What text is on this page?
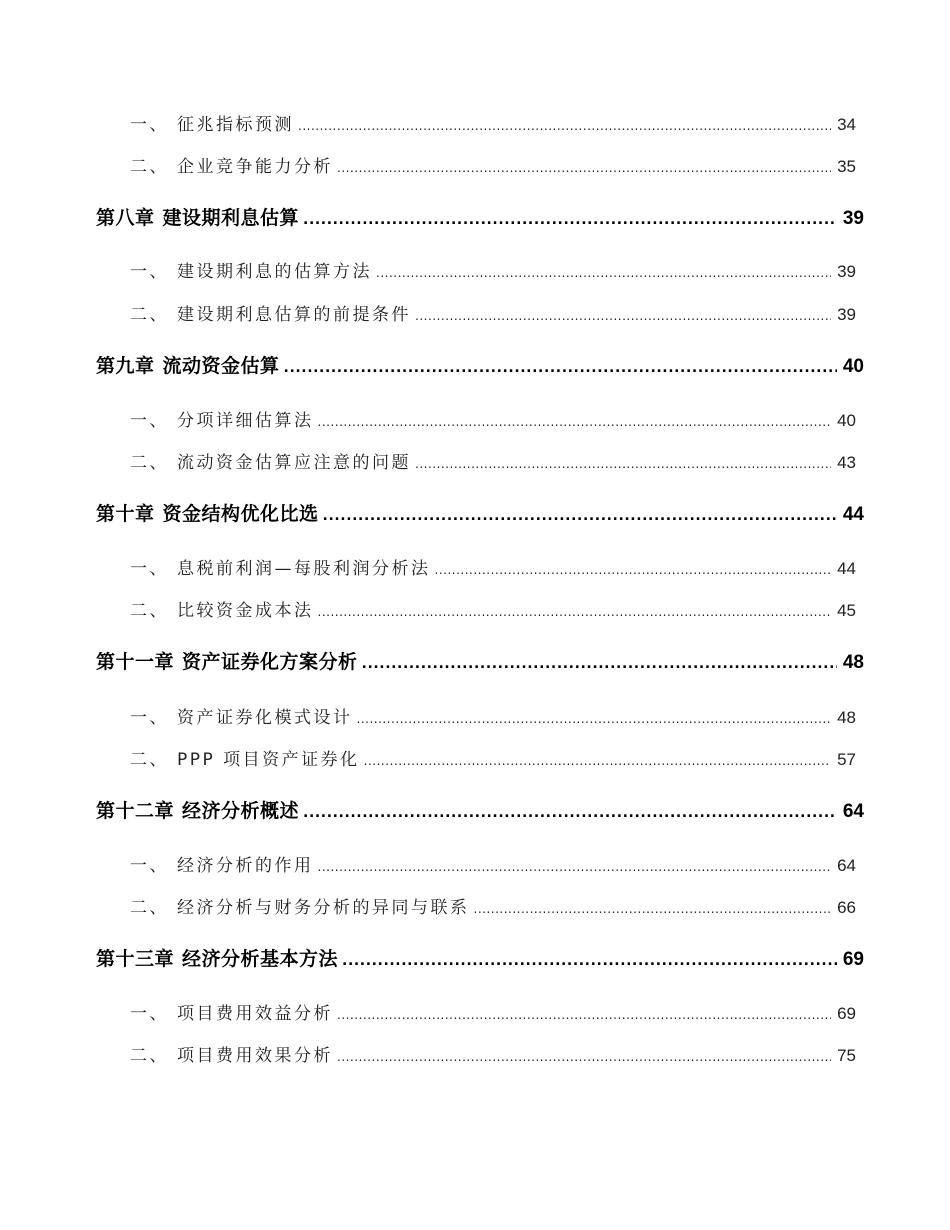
一、 征兆指标预测 .....	34
二、 企业竞争能力分析 .....	35
第八章 建设期利息估算 .....	39
一、 建设期利息的估算方法 .....	39
二、 建设期利息估算的前提条件 .....	39
第九章 流动资金估算 .....	40
一、 分项详细估算法 .....	40
二、 流动资金估算应注意的问题 .....	43
第十章 资金结构优化比选 .....	44
一、 息税前利润—每股利润分析法 .....	44
二、 比较资金成本法 .....	45
第十一章 资产证券化方案分析 .....	48
一、 资产证券化模式设计 .....	48
二、 PPP 项目资产证券化 .....	57
第十二章 经济分析概述 .....	64
一、 经济分析的作用 .....	64
二、 经济分析与财务分析的异同与联系 .....	66
第十三章 经济分析基本方法 .....	69
一、 项目费用效益分析 .....	69
二、 项目费用效果分析 .....	75
